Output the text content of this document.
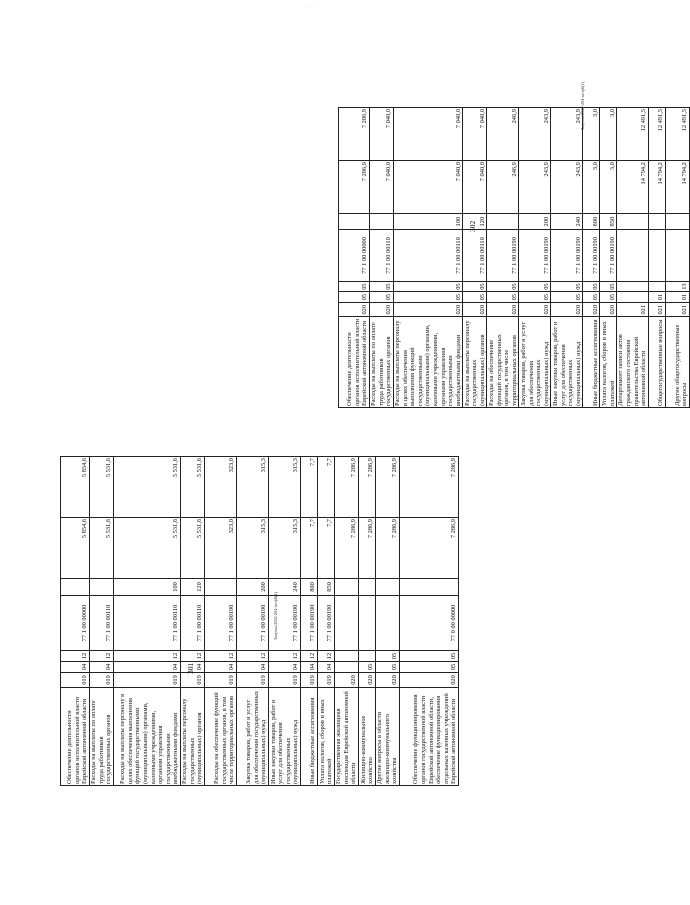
· · ·
Обеспечение деятельности органов исполнительной власти Еврейской автономной области	019	04	12	77 1 00 00000		5 854,6	5 854,6
Расходы на выплаты по оплате труда работников государственных органов	019	04	12	77 1 00 00110		5 531,6	5 531,6
Расходы на выплаты персоналу в целях обеспечения выполнения функций государственными (муниципальными) органами, казенными учреждениями, органами управления государственными внебюджетными фондами	019	04	12	77 1 00 00110	100	5 531,6	5 531,6
Расходы на выплаты персоналу государственных (муниципальных) органов	019	04	12	77 1 00 00110	120	5 531,6	5 531,6
Расходы на обеспечение функций государственных органов, в том числе территориальных органов	019	04	12	77 1 00 00190		323,0	323,0
Закупка товаров, работ и услуг для обеспечения государственных (муниципальных) нужд	019	04	12	77 1 00 00190	200	315,3	315,3
Иные закупки товаров, работ и услуг для обеспечения государственных (муниципальных) нужд	019	04	12	77 1 00 00190	240	315,3	315,3
Иные бюджетные ассигнования	019	04	12	77 1 00 00190	800	7,7	7,7
Уплата налогов, сборов и иных платежей	019	04	12	77 1 00 00190	850	7,7	7,7
Государственная жилищная инспекция Еврейской автономной области	020					7 286,9	7 286,9
Жилищно-коммунальное хозяйство	020	05				7 286,9	7 286,9
Другие вопросы в области жилищно-коммунального хозяйства	020	05	05			7 286,9	7 286,9
Обеспечение функционирования органов государственной власти Еврейской автономной области, обеспечение функционирования отдельных казенных учреждений Еврейской автономной области	020	05	05	77 0 00 00000		7 286,9	7 286,9
301
Закупка/2022-204-вп-ф6(1)
Обеспечение деятельности органов исполнительной власти Еврейской автономной области	020	05	05	77 1 00 00000		7 286,9	7 286,9
Расходы на выплаты по оплате труда работников государственных органов	020	05	05	77 1 00 00110		7 040,0	7 040,0
Расходы на выплаты персоналу в целях обеспечения выполнения функций государственными (муниципальными) органами, казенными учреждениями, органами управления государственными внебюджетными фондами	020	05	05	77 1 00 00110	100	7 040,0	7 040,0
Расходы на выплаты персоналу государственных (муниципальных) органов	020	05	05	77 1 00 00110	120	7 040,0	7 040,0
Расходы на обеспечение функций государственных органов, в том числе территориальных органов	020	05	05	77 1 00 00190		246,9	246,9
Закупка товаров, работ и услуг для обеспечения государственных (муниципальных) нужд	020	05	05	77 1 00 00190	200	243,9	243,9
Иные закупки товаров, работ и услуг для обеспечения государственных (муниципальных) нужд	020	05	05	77 1 00 00190	240	243,9	243,9
Иные бюджетные ассигнования	020	05	05	77 1 00 00190	800	3,0	3,0
Уплата налогов, сборов и иных платежей	020	05	05	77 1 00 00190	850	3,0	3,0
Департамент записи актов гражданского состояния правительства Еврейской автономной области	021					14 794,2	12 491,5
Общегосударственные вопросы	021	01				14 794,2	12 491,5
Другие общегосударственные вопросы	021	01	13			14 794,2	12 491,5
302
Закупка/2022-204-вп-ф6(1)
